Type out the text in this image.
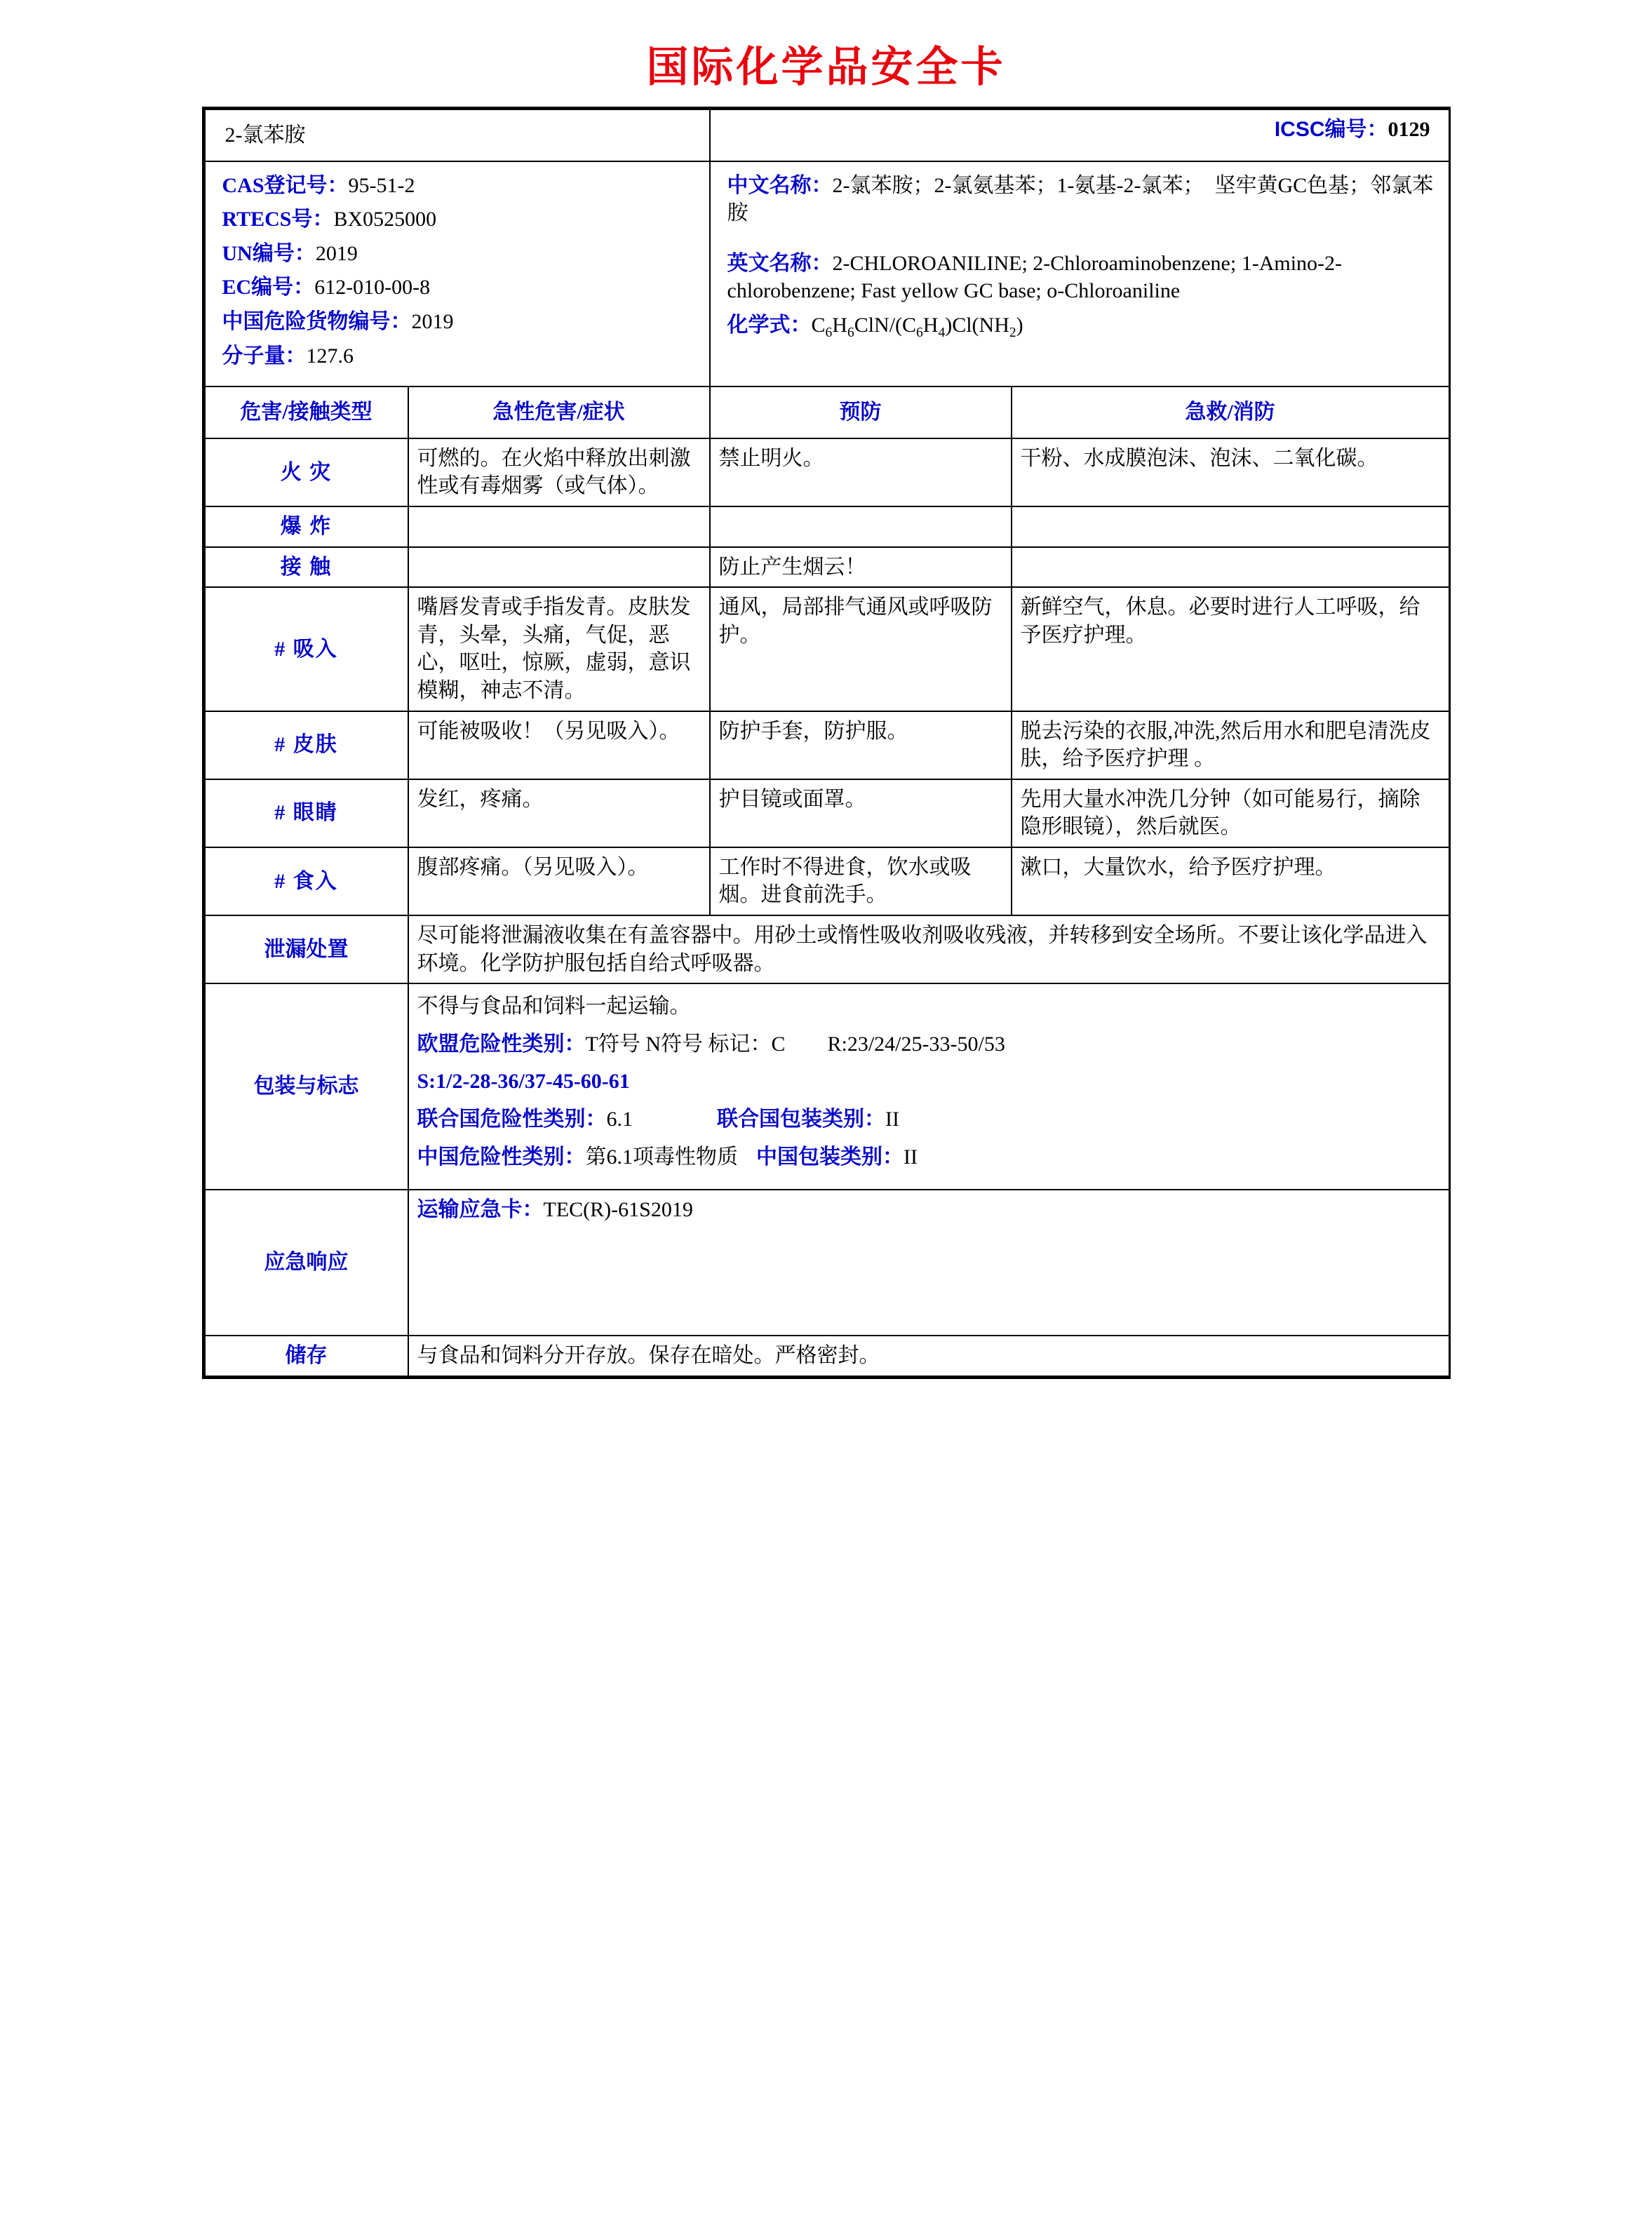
国际化学品安全卡
2-氯苯胺		ICSC编号：0129	

CAS登记号：95-51-2
RTECS号：BX0525000
UN编号：2019
EC编号：612-010-00-8
中国危险货物编号：2019
分子量：127.6

中文名称：2-氯苯胺；2-氯氨基苯；1-氨基-2-氯苯；　坚牢黄GC色基；邻氯苯胺
英文名称：2-CHLOROANILINE; 2-Chloroaminobenzene; 1-Amino-2-chlorobenzene; Fast yellow GC base; o-Chloroaniline
化学式：$C_6H_6ClN/(C_6H_4)Cl(NH_2)$

危害/接触类型	急性危害/症状	预防	急救/消防
火 灾	可燃的。在火焰中释放出刺激性或有毒烟雾（或气体）。	禁止明火。	干粉、水成膜泡沫、泡沫、二氧化碳。
爆 炸			
接 触		防止产生烟云！	
# 吸入	嘴唇发青或手指发青。皮肤发青，头晕，头痛，气促，恶心，呕吐，惊厥，虚弱，意识模糊，神志不清。	通风，局部排气通风或呼吸防护。	新鲜空气，休息。必要时进行人工呼吸，给予医疗护理。
# 皮肤	可能被吸收！（另见吸入）。	防护手套，防护服。	脱去污染的衣服,冲洗,然后用水和肥皂清洗皮肤，给予医疗护理 。
# 眼睛	发红，疼痛。	护目镜或面罩。	先用大量水冲洗几分钟（如可能易行，摘除隐形眼镜），然后就医。
# 食入	腹部疼痛。（另见吸入）。	工作时不得进食，饮水或吸烟。进食前洗手。	漱口，大量饮水，给予医疗护理。
泄漏处置	尽可能将泄漏液收集在有盖容器中。用砂土或惰性吸收剂吸收残液，并转移到安全场所。不要让该化学品进入环境。化学防护服包括自给式呼吸器。		
包装与标志	不得与食品和饲料一起运输。
欧盟危险性类别：T符号 N符号 标记：C R:23/24/25-33-50/53
S:1/2-28-36/37-45-60-61
联合国危险性类别：6.1 联合国包装类别：II
中国危险性类别：第6.1项毒性物质 中国包装类别：II		

应急响应	运输应急卡：TEC(R)-61S2019		

储存	与食品和饲料分开存放。保存在暗处。严格密封。		
